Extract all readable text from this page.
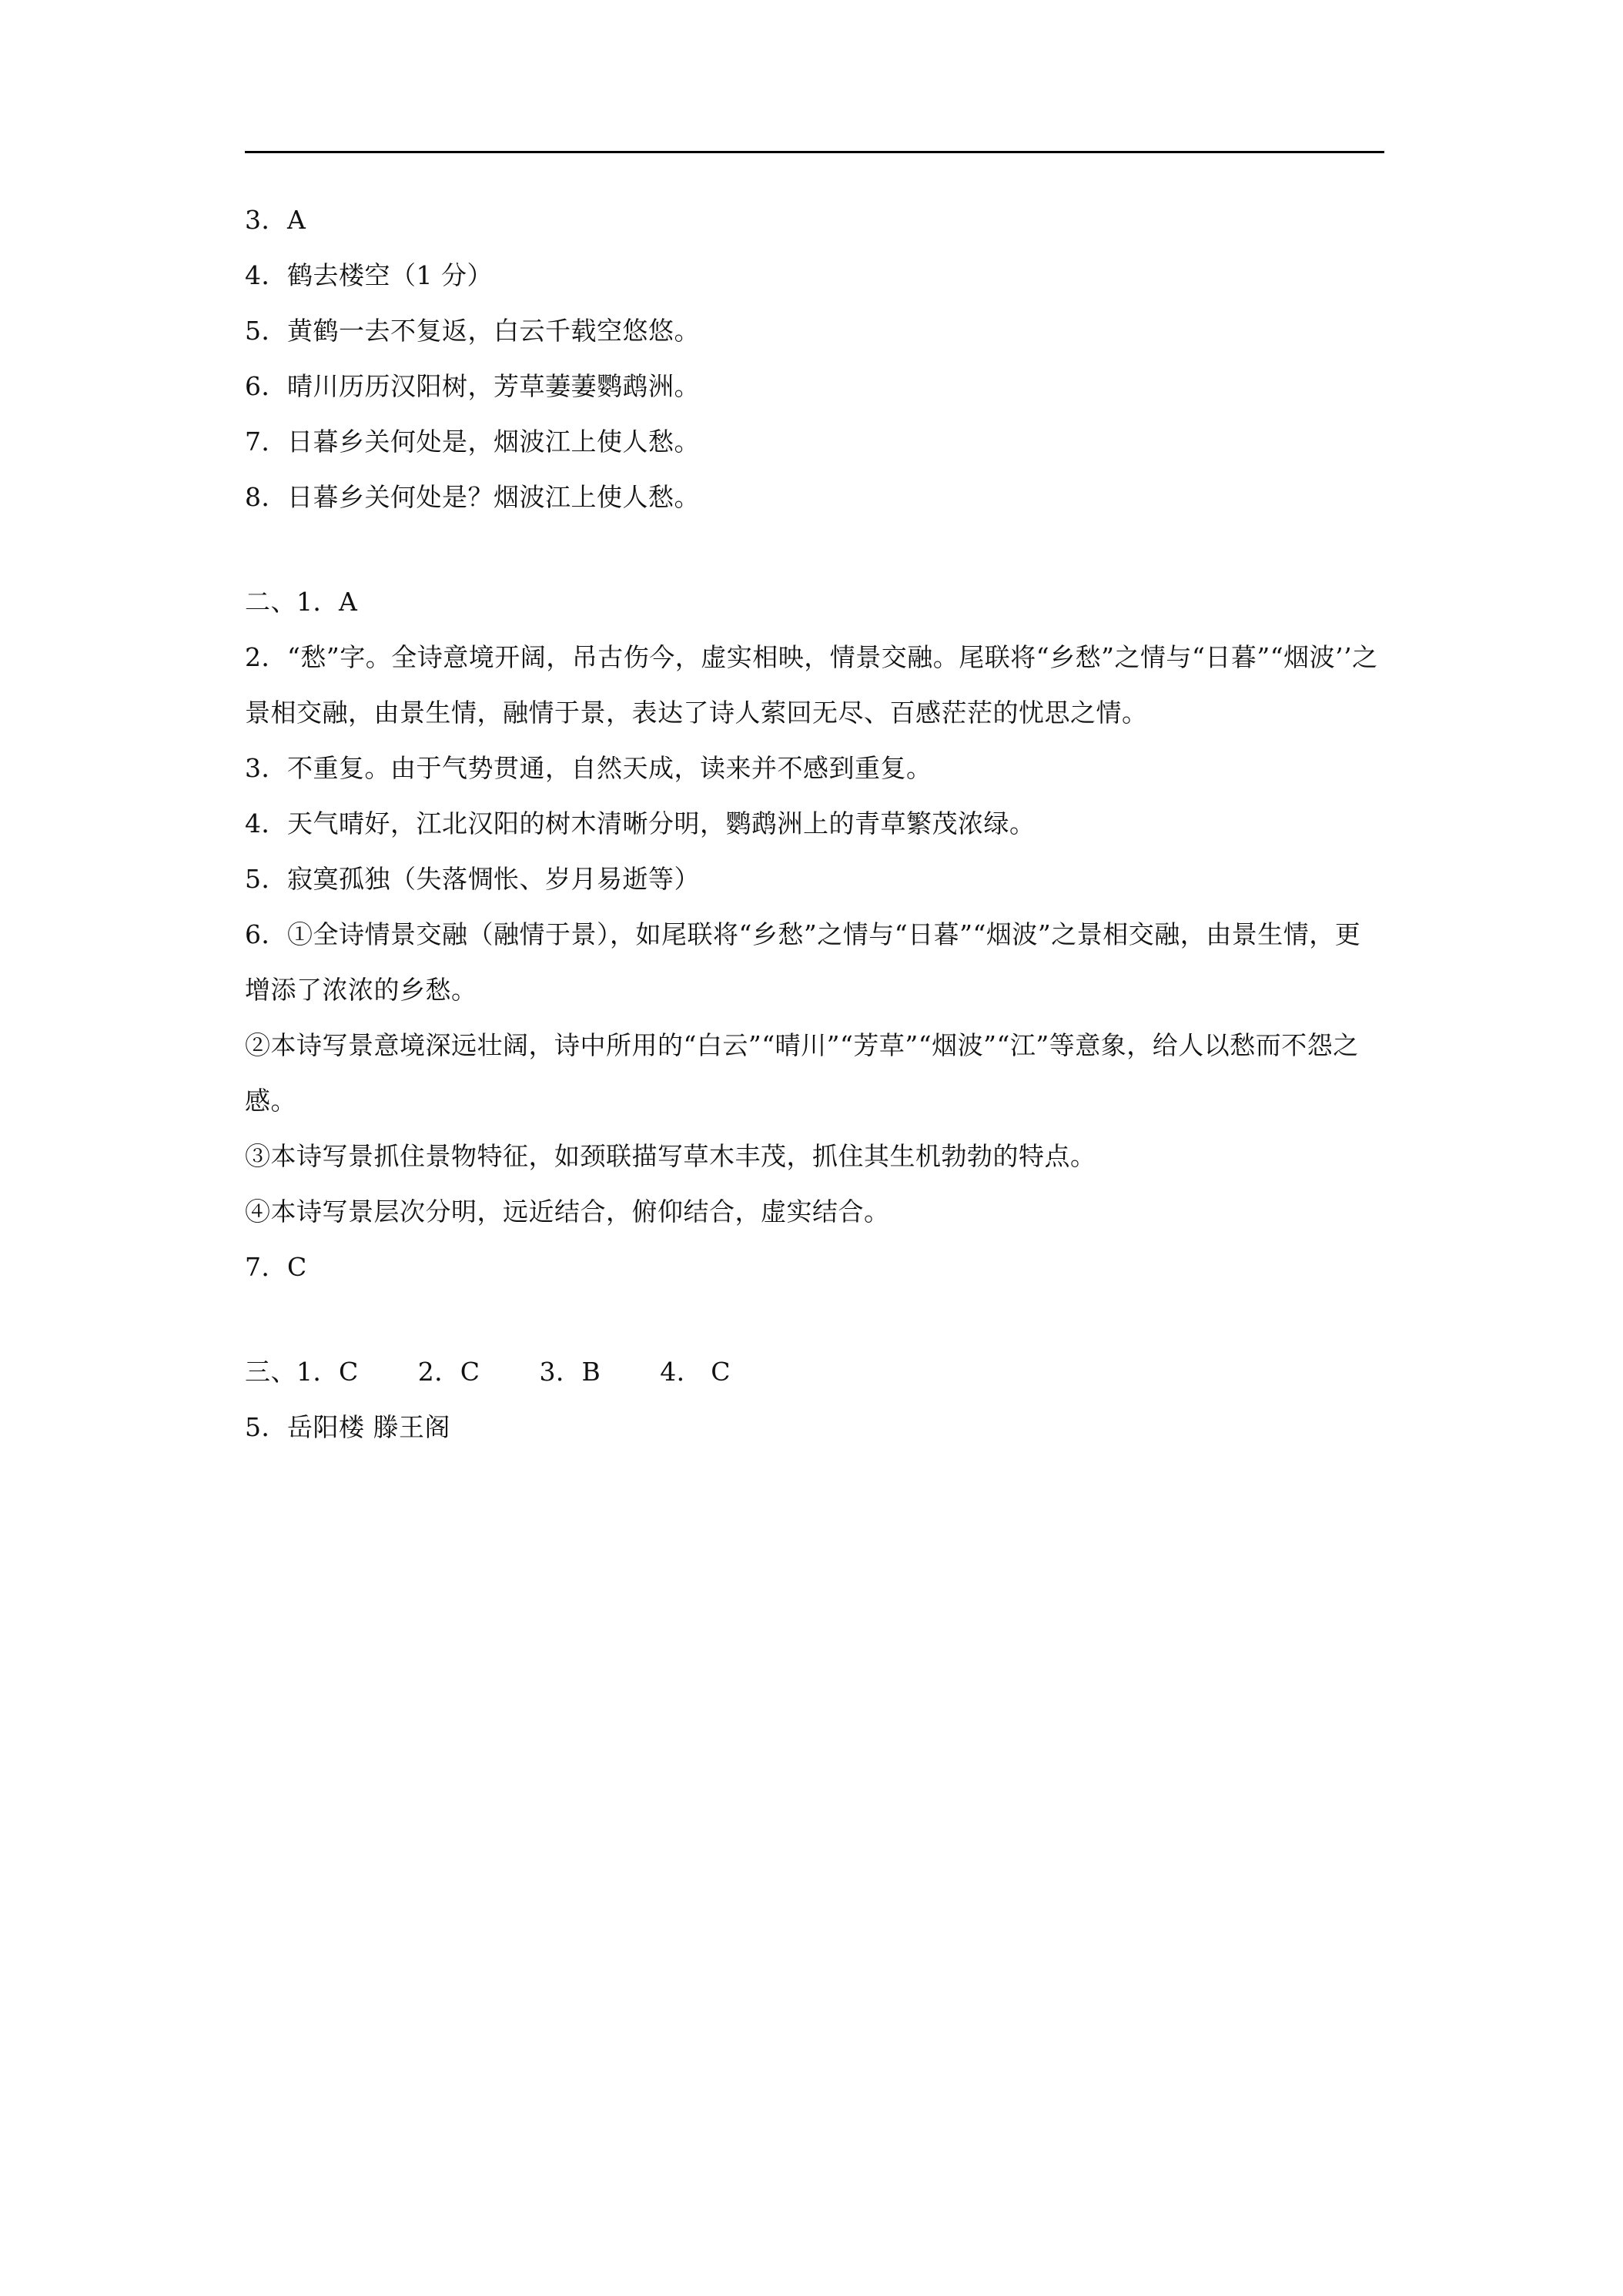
3．A
4．鹤去楼空（1 分）
5．黄鹤一去不复返，白云千载空悠悠。
6．晴川历历汉阳树，芳草萋萋鹦鹉洲。
7．日暮乡关何处是，烟波江上使人愁。
8．日暮乡关何处是？烟波江上使人愁。
二、1．A
2．“愁”字。全诗意境开阔，吊古伤今，虚实相映，情景交融。尾联将“乡愁”之情与“日暮”“烟波’’之景相交融，由景生情，融情于景，表达了诗人萦回无尽、百感茫茫的忧思之情。
3．不重复。由于气势贯通，自然天成，读来并不感到重复。
4．天气晴好，江北汉阳的树木清晰分明，鹦鹉洲上的青草繁茂浓绿。
5．寂寞孤独（失落惆怅、岁月易逝等）
6．①全诗情景交融（融情于景），如尾联将“乡愁”之情与“日暮”“烟波”之景相交融，由景生情，更增添了浓浓的乡愁。
②本诗写景意境深远壮阔，诗中所用的“白云”“晴川”“芳草”“烟波”“江”等意象，给人以愁而不怨之感。
③本诗写景抓住景物特征，如颈联描写草木丰茂，抓住其生机勃勃的特点。
④本诗写景层次分明，远近结合，俯仰结合，虚实结合。
7．C
三、1．C 2．C 3．B 4． C
5．岳阳楼 滕王阁
